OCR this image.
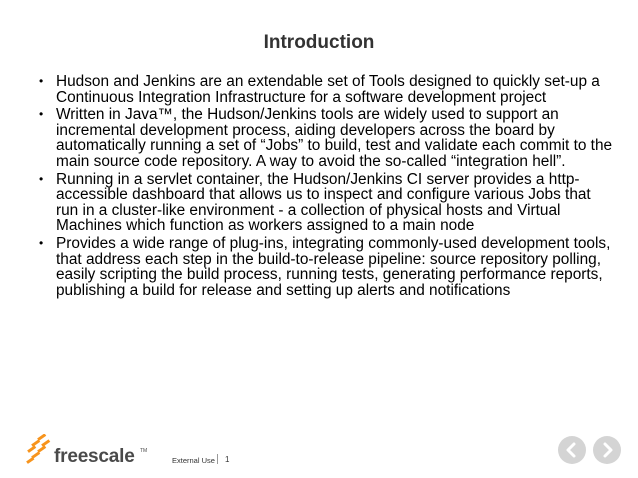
Introduction
• Hudson and Jenkins are an extendable set of Tools designed to quickly set-up a Continuous Integration Infrastructure for a software development project
• Written in Java™, the Hudson/Jenkins tools are widely used to support an incremental development process, aiding developers across the board by automatically running a set of “Jobs” to build, test and validate each commit to the main source code repository. A way to avoid the so-called “integration hell”.
• Running in a servlet container, the Hudson/Jenkins CI server provides a http-accessible dashboard that allows us to inspect and configure various Jobs that run in a cluster-like environment - a collection of physical hosts and Virtual Machines which function as workers assigned to a main node
• Provides a wide range of plug-ins, integrating commonly-used development tools, that address each step in the build-to-release pipeline: source repository polling, easily scripting the build process, running tests, generating performance reports, publishing a build for release and setting up alerts and notifications
freescale TM
External Use 1
